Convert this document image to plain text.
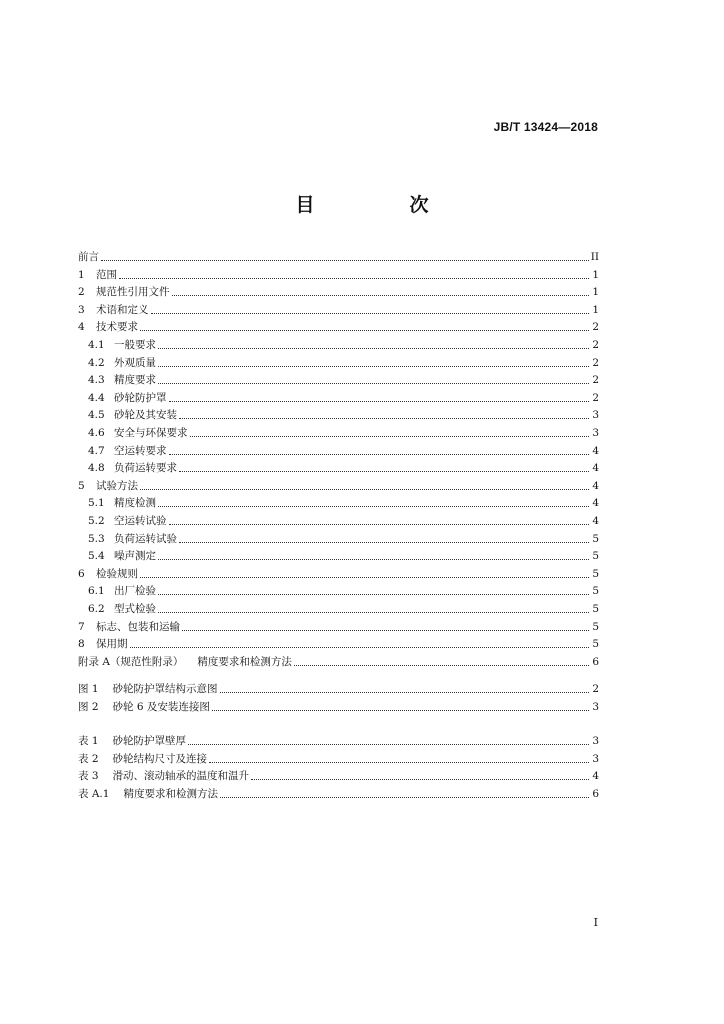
JB/T 13424—2018
目　次
前言	II
1	范围	1
2	规范性引用文件	1
3	术语和定义	1
4	技术要求	2
4.1 一般要求	2
4.2 外观质量	2
4.3 精度要求	2
4.4 砂轮防护罩	2
4.5 砂轮及其安装	3
4.6 安全与环保要求	3
4.7 空运转要求	4
4.8 负荷运转要求	4
5	试验方法	4
5.1 精度检测	4
5.2 空运转试验	4
5.3 负荷运转试验	5
5.4 噪声测定	5
6	检验规则	5
6.1 出厂检验	5
6.2 型式检验	5
7	标志、包装和运输	5
8	保用期	5
附录 A（规范性附录） 精度要求和检测方法	6
图 1 砂轮防护罩结构示意图	2
图 2 砂轮 6 及安装连接图	3
表 1 砂轮防护罩壁厚	3
表 2 砂轮结构尺寸及连接	3
表 3 滑动、滚动轴承的温度和温升	4
表 A.1 精度要求和检测方法	6
I
